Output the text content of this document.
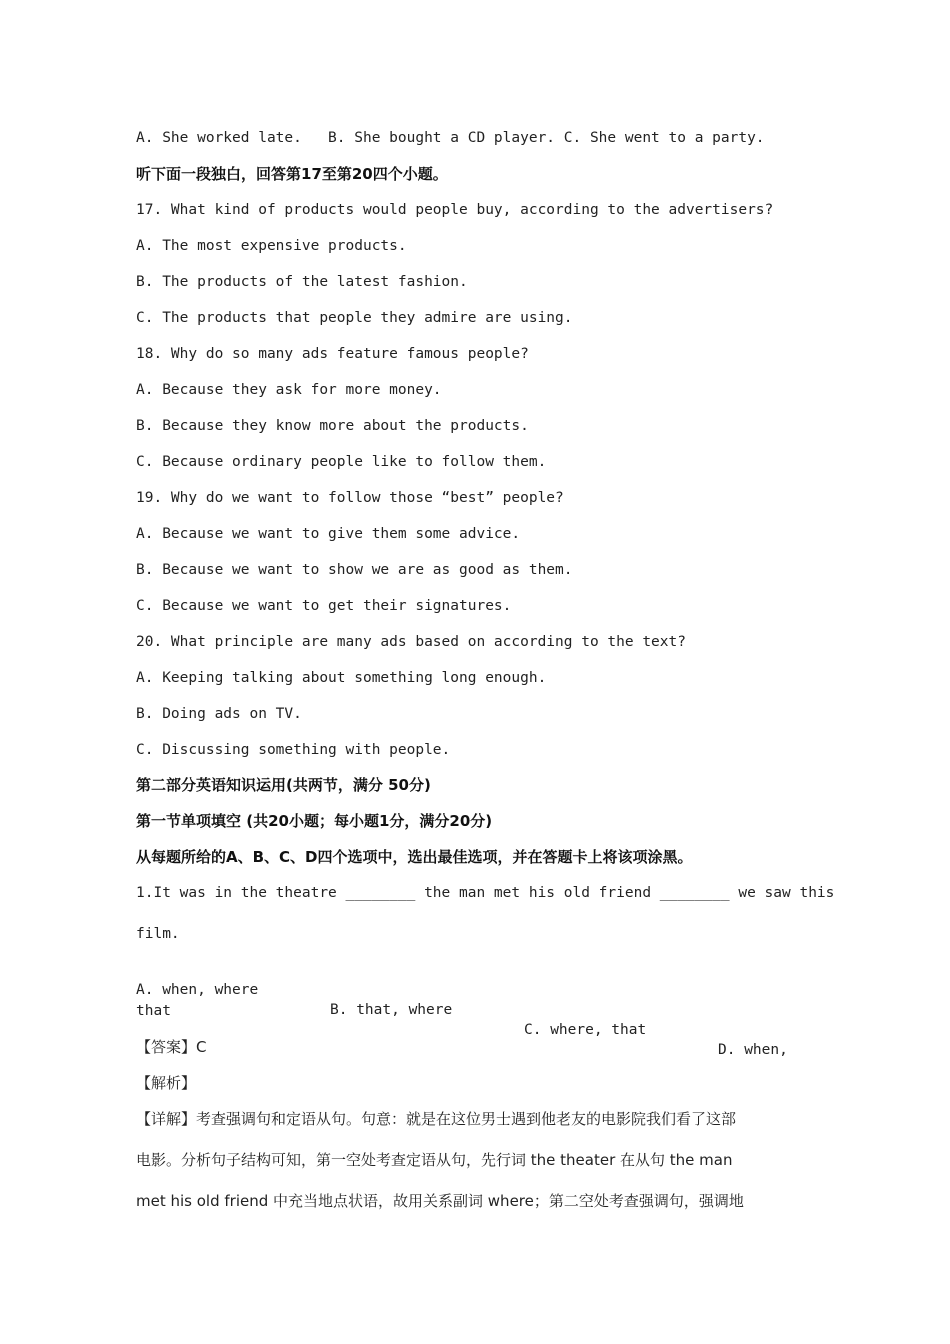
A. She worked late.   B. She bought a CD player. C. She went to a party.
听下面一段独白，回答第17至第20四个小题。
17. What kind of products would people buy, according to the advertisers?
A. The most expensive products.
B. The products of the latest fashion.
C. The products that people they admire are using.
18. Why do so many ads feature famous people?
A. Because they ask for more money.
B. Because they know more about the products.
C. Because ordinary people like to follow them.
19. Why do we want to follow those “best” people?
A. Because we want to give them some advice.
B. Because we want to show we are as good as them.
C. Because we want to get their signatures.
20. What principle are many ads based on according to the text?
A. Keeping talking about something long enough.
B. Doing ads on TV.
C. Discussing something with people.
第二部分英语知识运用(共两节，满分 50分)
第一节单项填空 (共20小题；每小题1分，满分20分)
从每题所给的A、B、C、D四个选项中，选出最佳选项，并在答题卡上将该项涂黑。
1.It was in the theatre ________ the man met his old friend ________ we saw this
film.

A. when, where

B. that, where

C. where, that

D. when,

that
【答案】C
【解析】
【详解】考查强调句和定语从句。句意：就是在这位男士遇到他老友的电影院我们看了这部
电影。分析句子结构可知，第一空处考查定语从句，先行词 the theater 在从句 the man
met his old friend 中充当地点状语，故用关系副词 where；第二空处考查强调句，强调地
